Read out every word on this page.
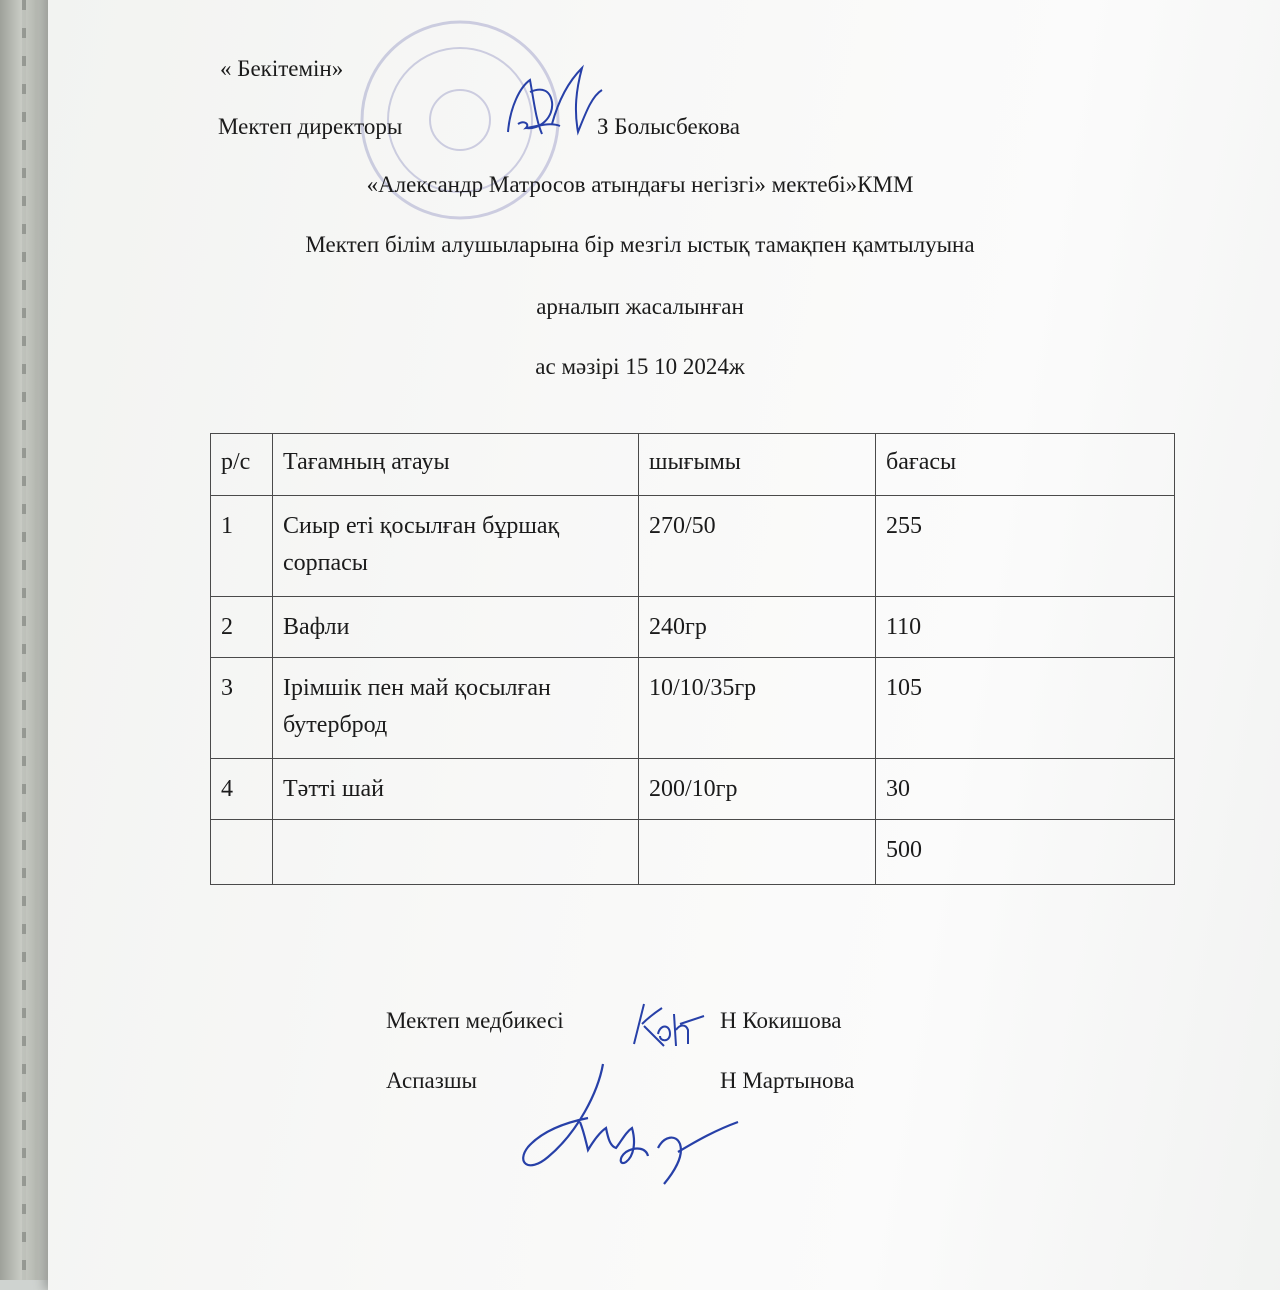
« Бекітемін»
Мектеп директоры	З Болысбекова
«Александр Матросов атындағы негізгі» мектебі»КММ
Мектеп білім алушыларына бір мезгіл ыстық тамақпен қамтылуына
арналып жасалынған
ас мәзірі 15 10 2024ж
р/с	Тағамның атауы	шығымы	бағасы
1	Сиыр еті қосылған бұршақ сорпасы	270/50	255
2	Вафли	240гр	110
3	Ірімшік пен май қосылған бутерброд	10/10/35гр	105
4	Тәтті шай	200/10гр	30
			500
Мектеп медбикесі	Н Кокишова
Аспазшы	Н Мартынова
